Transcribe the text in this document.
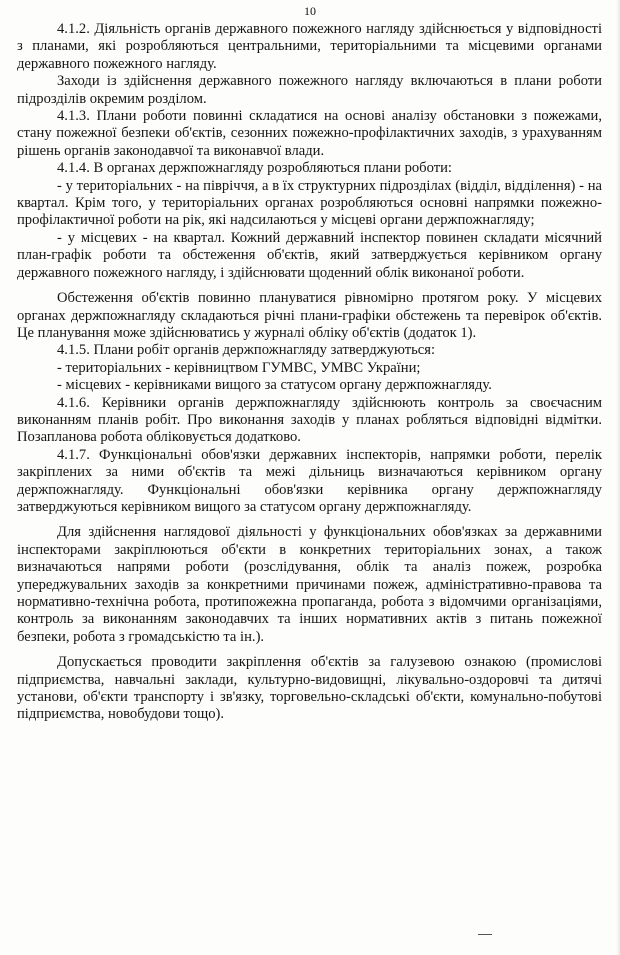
10

4.1.2. Діяльність органів державного пожежного нагляду здійснюється у відповідності з планами, які розробляються центральними, територіальними та місцевими органами державного пожежного нагляду.

Заходи із здійснення державного пожежного нагляду включаються в плани роботи підрозділів окремим розділом.

4.1.3. Плани роботи повинні складатися на основі аналізу обстановки з пожежами, стану пожежної безпеки об'єктів, сезонних пожежно-профілактичних заходів, з урахуванням рішень органів законодавчої та виконавчої влади.

4.1.4. В органах держпожнагляду розробляються плани роботи:

- у територіальних - на півріччя, а в їх структурних підрозділах (відділ, відділення) - на квартал. Крім того, у територіальних органах розробляються основні напрямки пожежно-профілактичної роботи на рік, які надсилаються у місцеві органи держпожнагляду;

- у місцевих - на квартал. Кожний державний інспектор повинен складати місячний план-графік роботи та обстеження об'єктів, який затверджується керівником органу державного пожежного нагляду, і здійснювати щоденний облік виконаної роботи.

Обстеження об'єктів повинно плануватися рівномірно протягом року. У місцевих органах держпожнагляду складаються річні плани-графіки обстежень та перевірок об'єктів. Це планування може здійснюватись у журналі обліку об'єктів (додаток 1).

4.1.5. Плани робіт органів держпожнагляду затверджуються:

- територіальних - керівництвом ГУМВС, УМВС України;

- місцевих - керівниками вищого за статусом органу держпожнагляду.

4.1.6. Керівники органів держпожнагляду здійснюють контроль за своєчасним виконанням планів робіт. Про виконання заходів у планах робляться відповідні відмітки. Позапланова робота обліковується додатково.

4.1.7. Функціональні обов'язки державних інспекторів, напрямки роботи, перелік закріплених за ними об'єктів та межі дільниць визначаються керівником органу держпожнагляду. Функціональні обов'язки керівника органу держпожнагляду затверджуються керівником вищого за статусом органу держпожнагляду.

Для здійснення наглядової діяльності у функціональних обов'язках за державними інспекторами закріплюються об'єкти в конкретних територіальних зонах, а також визначаються напрями роботи (розслідування, облік та аналіз пожеж, розробка упереджувальних заходів за конкретними причинами пожеж, адміністративно-правова та нормативно-технічна робота, протипожежна пропаганда, робота з відомчими організаціями, контроль за виконанням законодавчих та інших нормативних актів з питань пожежної безпеки, робота з громадськістю та ін.).

Допускається проводити закріплення об'єктів за галузевою ознакою (промислові підприємства, навчальні заклади, культурно-видовищні, лікувально-оздоровчі та дитячі установи, об'єкти транспорту і зв'язку, торговельно-складські об'єкти, комунально-побутові підприємства, новобудови тощо).
